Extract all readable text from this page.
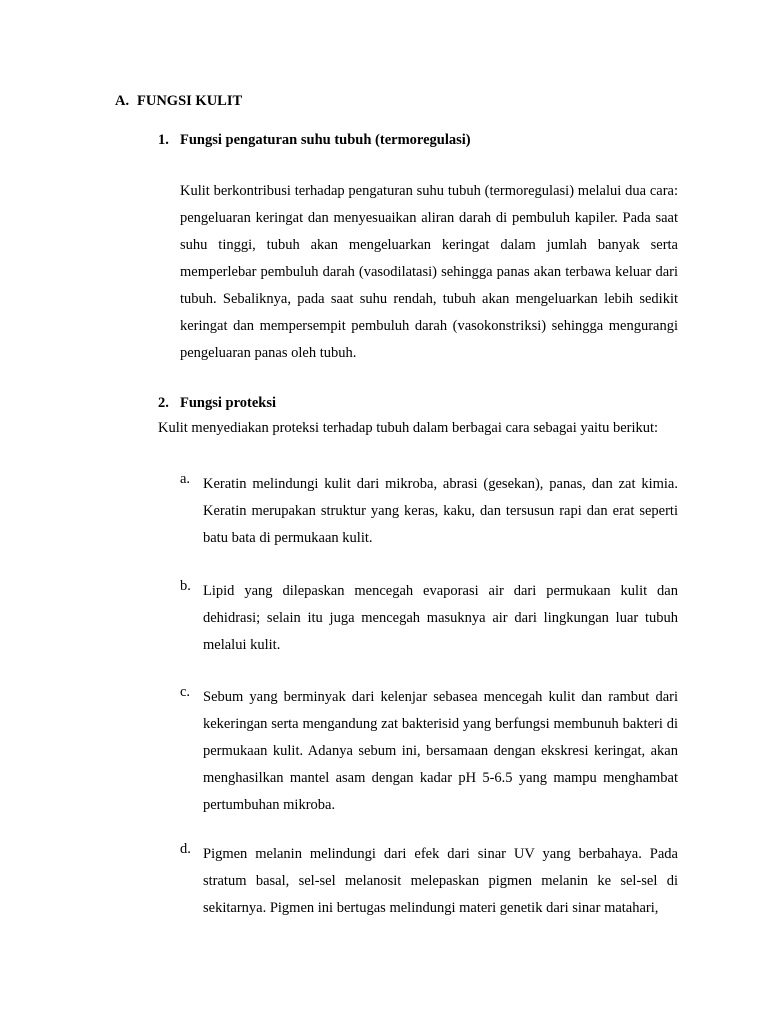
A. FUNGSI KULIT
1. Fungsi pengaturan suhu tubuh (termoregulasi)
Kulit berkontribusi terhadap pengaturan suhu tubuh (termoregulasi) melalui dua cara: pengeluaran keringat dan menyesuaikan aliran darah di pembuluh kapiler. Pada saat suhu tinggi, tubuh akan mengeluarkan keringat dalam jumlah banyak serta memperlebar pembuluh darah (vasodilatasi) sehingga panas akan terbawa keluar dari tubuh. Sebaliknya, pada saat suhu rendah, tubuh akan mengeluarkan lebih sedikit keringat dan mempersempit pembuluh darah (vasokonstriksi) sehingga mengurangi pengeluaran panas oleh tubuh.
2. Fungsi proteksi
Kulit menyediakan proteksi terhadap tubuh dalam berbagai cara sebagai yaitu berikut:
a. Keratin melindungi kulit dari mikroba, abrasi (gesekan), panas, dan zat kimia. Keratin merupakan struktur yang keras, kaku, dan tersusun rapi dan erat seperti batu bata di permukaan kulit.
b. Lipid yang dilepaskan mencegah evaporasi air dari permukaan kulit dan dehidrasi; selain itu juga mencegah masuknya air dari lingkungan luar tubuh melalui kulit.
c. Sebum yang berminyak dari kelenjar sebasea mencegah kulit dan rambut dari kekeringan serta mengandung zat bakterisid yang berfungsi membunuh bakteri di permukaan kulit. Adanya sebum ini, bersamaan dengan ekskresi keringat, akan menghasilkan mantel asam dengan kadar pH 5-6.5 yang mampu menghambat pertumbuhan mikroba.
d. Pigmen melanin melindungi dari efek dari sinar UV yang berbahaya. Pada stratum basal, sel-sel melanosit melepaskan pigmen melanin ke sel-sel di sekitarnya. Pigmen ini bertugas melindungi materi genetik dari sinar matahari,
